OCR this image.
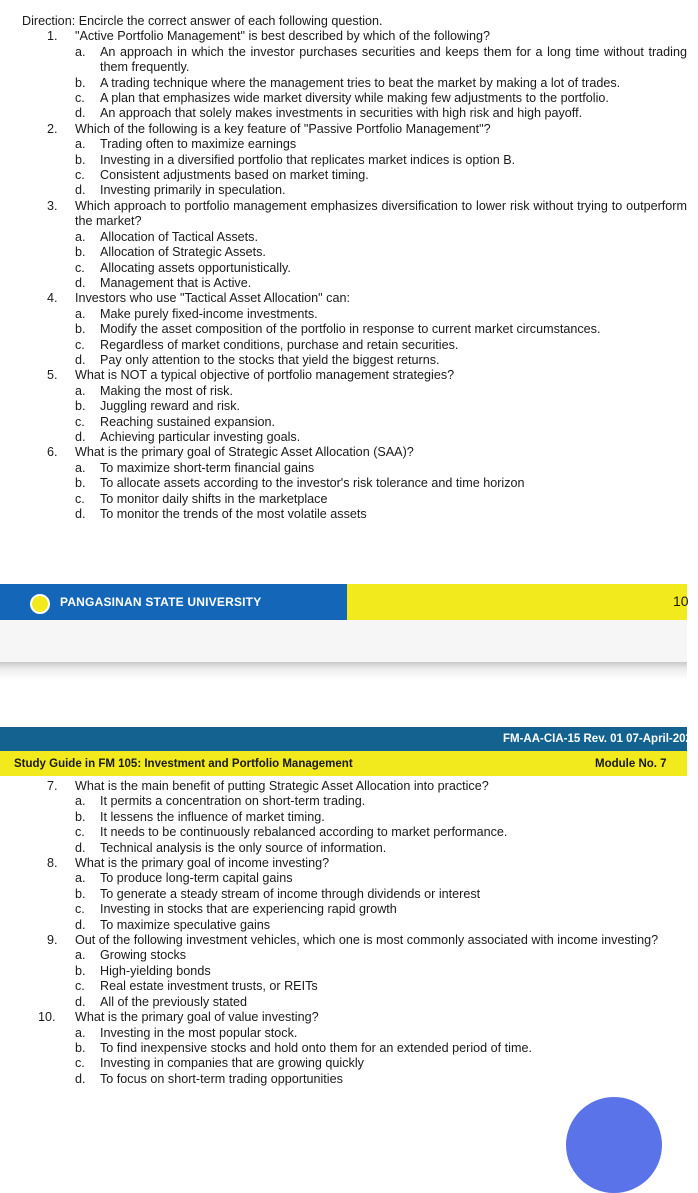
Direction: Encircle the correct answer of each following question.
1. "Active Portfolio Management" is best described by which of the following?
a. An approach in which the investor purchases securities and keeps them for a long time without trading them frequently.
b. A trading technique where the management tries to beat the market by making a lot of trades.
c. A plan that emphasizes wide market diversity while making few adjustments to the portfolio.
d. An approach that solely makes investments in securities with high risk and high payoff.
2. Which of the following is a key feature of "Passive Portfolio Management"?
a. Trading often to maximize earnings
b. Investing in a diversified portfolio that replicates market indices is option B.
c. Consistent adjustments based on market timing.
d. Investing primarily in speculation.
3. Which approach to portfolio management emphasizes diversification to lower risk without trying to outperform the market?
a. Allocation of Tactical Assets.
b. Allocation of Strategic Assets.
c. Allocating assets opportunistically.
d. Management that is Active.
4. Investors who use "Tactical Asset Allocation" can:
a. Make purely fixed-income investments.
b. Modify the asset composition of the portfolio in response to current market circumstances.
c. Regardless of market conditions, purchase and retain securities.
d. Pay only attention to the stocks that yield the biggest returns.
5. What is NOT a typical objective of portfolio management strategies?
a. Making the most of risk.
b. Juggling reward and risk.
c. Reaching sustained expansion.
d. Achieving particular investing goals.
6. What is the primary goal of Strategic Asset Allocation (SAA)?
a. To maximize short-term financial gains
b. To allocate assets according to the investor's risk tolerance and time horizon
c. To monitor daily shifts in the marketplace
d. To monitor the trends of the most volatile assets
PANGASINAN STATE UNIVERSITY	10
FM-AA-CIA-15 Rev. 01 07-April-2020
Study Guide in FM 105: Investment and Portfolio Management	Module No. 7
7. What is the main benefit of putting Strategic Asset Allocation into practice?
a. It permits a concentration on short-term trading.
b. It lessens the influence of market timing.
c. It needs to be continuously rebalanced according to market performance.
d. Technical analysis is the only source of information.
8. What is the primary goal of income investing?
a. To produce long-term capital gains
b. To generate a steady stream of income through dividends or interest
c. Investing in stocks that are experiencing rapid growth
d. To maximize speculative gains
9. Out of the following investment vehicles, which one is most commonly associated with income investing?
a. Growing stocks
b. High-yielding bonds
c. Real estate investment trusts, or REITs
d. All of the previously stated
10. What is the primary goal of value investing?
a. Investing in the most popular stock.
b. To find inexpensive stocks and hold onto them for an extended period of time.
c. Investing in companies that are growing quickly
d. To focus on short-term trading opportunities
